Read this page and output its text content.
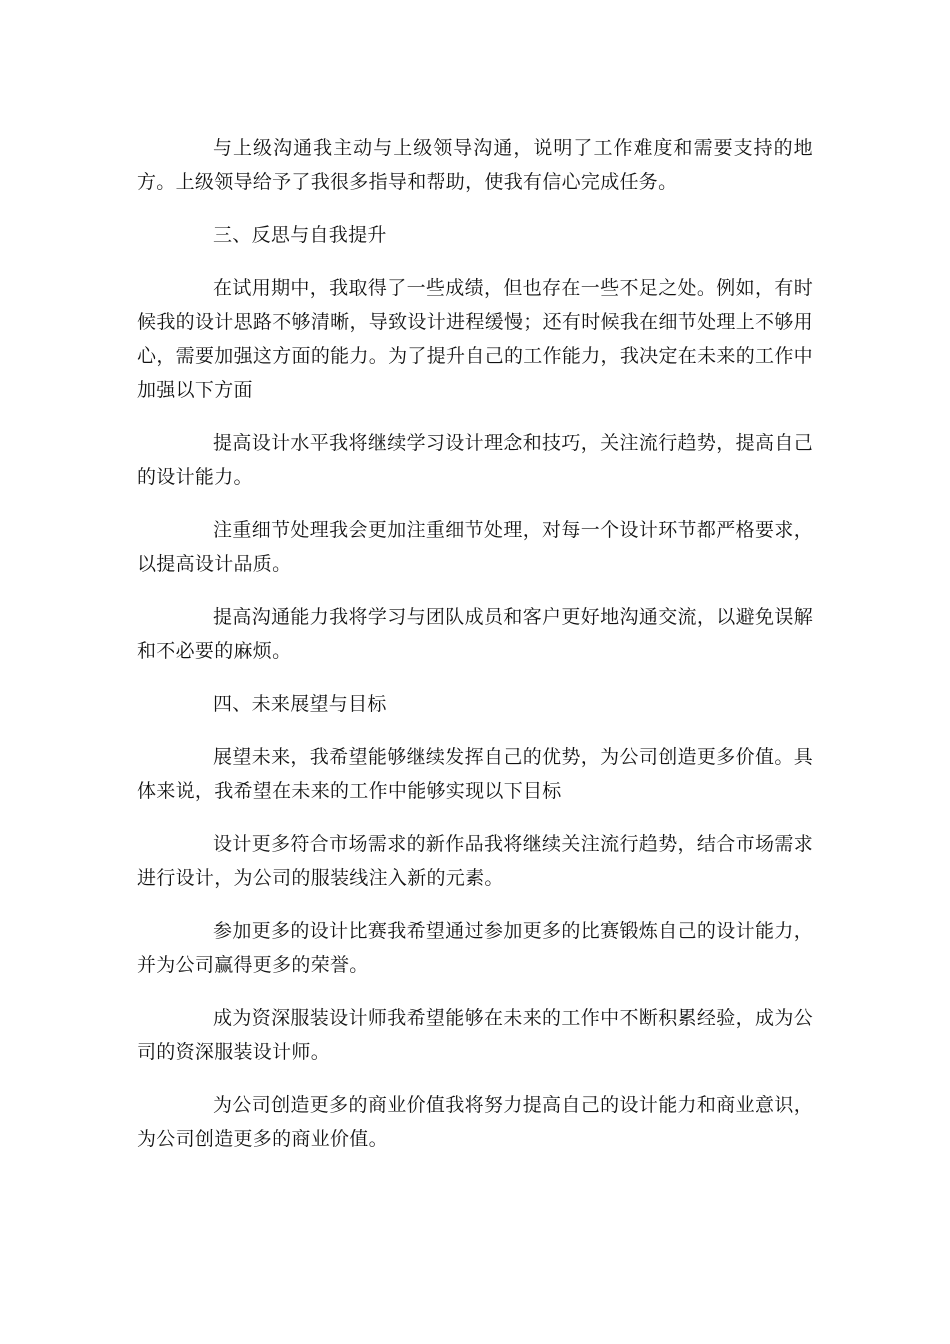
与上级沟通我主动与上级领导沟通，说明了工作难度和需要支持的地方。上级领导给予了我很多指导和帮助，使我有信心完成任务。

三、反思与自我提升

在试用期中，我取得了一些成绩，但也存在一些不足之处。例如，有时候我的设计思路不够清晰，导致设计进程缓慢；还有时候我在细节处理上不够用心，需要加强这方面的能力。为了提升自己的工作能力，我决定在未来的工作中加强以下方面

提高设计水平我将继续学习设计理念和技巧，关注流行趋势，提高自己的设计能力。

注重细节处理我会更加注重细节处理，对每一个设计环节都严格要求，以提高设计品质。

提高沟通能力我将学习与团队成员和客户更好地沟通交流，以避免误解和不必要的麻烦。

四、未来展望与目标

展望未来，我希望能够继续发挥自己的优势，为公司创造更多价值。具体来说，我希望在未来的工作中能够实现以下目标

设计更多符合市场需求的新作品我将继续关注流行趋势，结合市场需求进行设计，为公司的服装线注入新的元素。

参加更多的设计比赛我希望通过参加更多的比赛锻炼自己的设计能力，并为公司赢得更多的荣誉。

成为资深服装设计师我希望能够在未来的工作中不断积累经验，成为公司的资深服装设计师。

为公司创造更多的商业价值我将努力提高自己的设计能力和商业意识，为公司创造更多的商业价值。
